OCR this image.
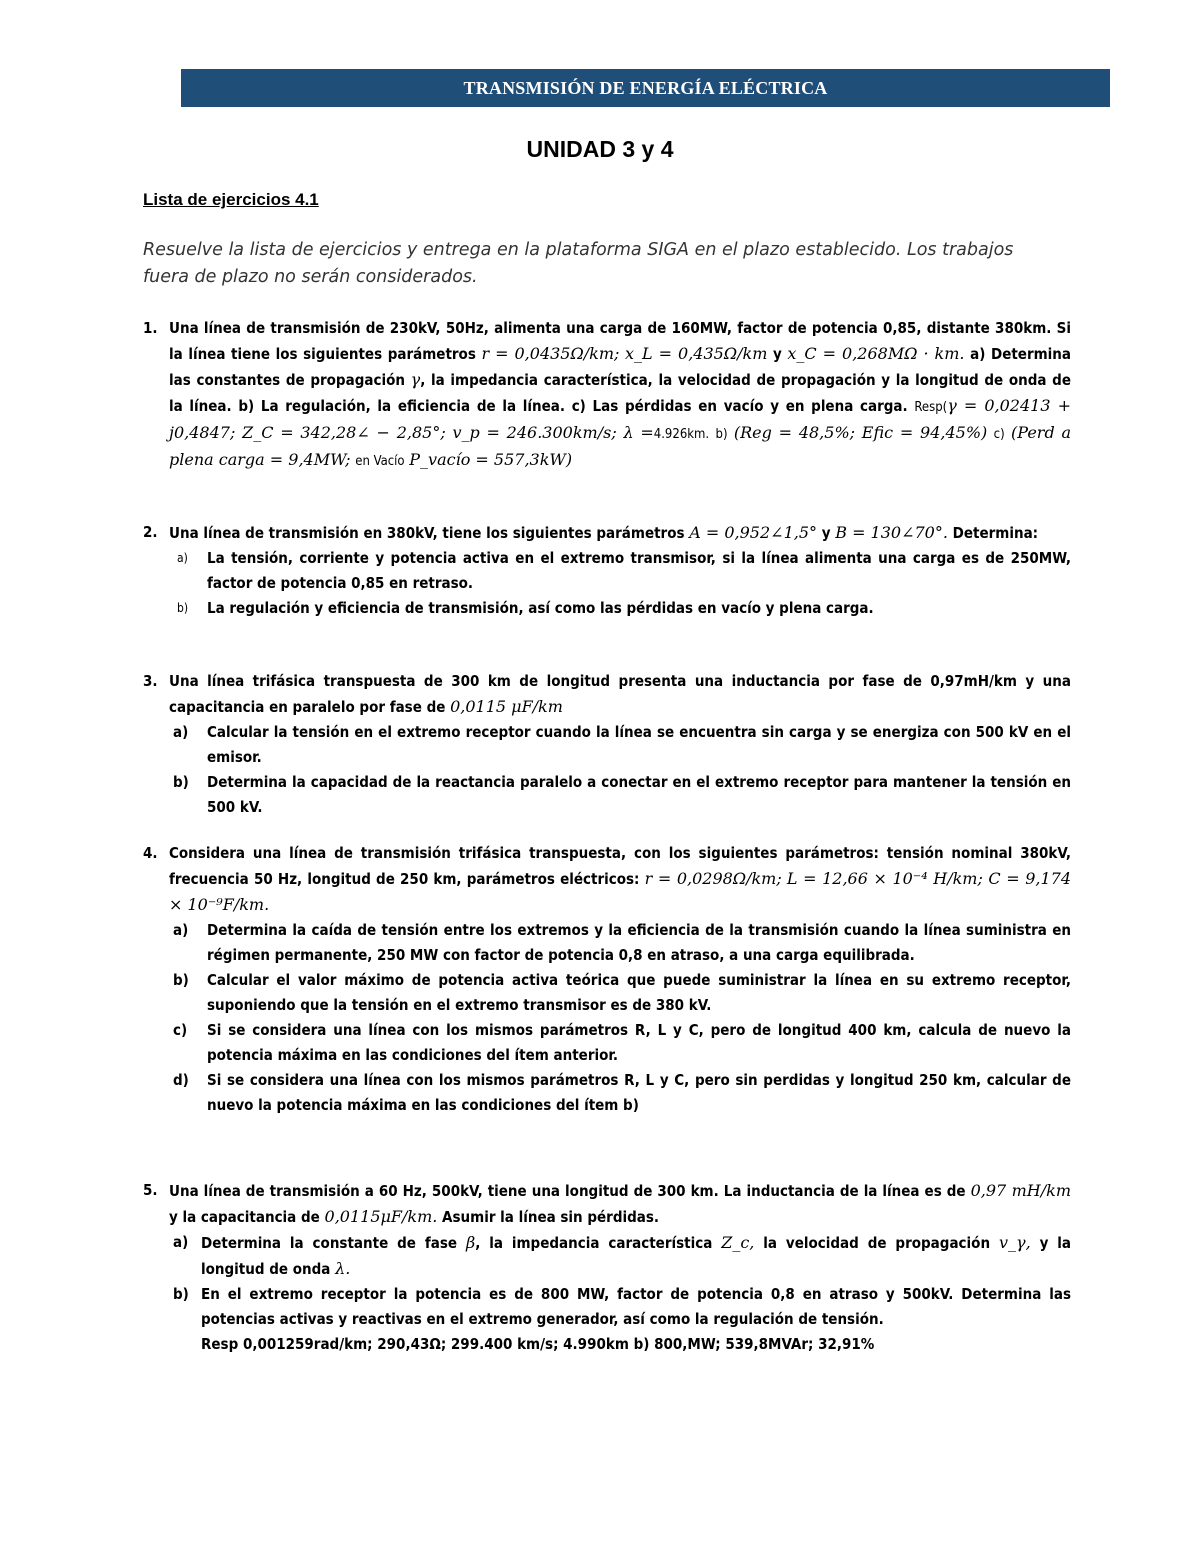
TRANSMISIÓN DE ENERGÍA ELÉCTRICA
UNIDAD 3 y 4
Lista de ejercicios 4.1
Resuelve la lista de ejercicios y entrega en la plataforma SIGA en el plazo establecido. Los trabajos fuera de plazo no serán considerados.
1. Una línea de transmisión de 230kV, 50Hz, alimenta una carga de 160MW, factor de potencia 0,85, distante 380km. Si la línea tiene los siguientes parámetros r = 0,0435Ω/km; x_L = 0,435Ω/km y x_C = 0,268MΩ · km. a) Determina las constantes de propagación γ, la impedancia característica, la velocidad de propagación y la longitud de onda de la línea. b) La regulación, la eficiencia de la línea. c) Las pérdidas en vacío y en plena carga. Resp(γ = 0,02413 + j0,4847; Z_C = 342,28∠ − 2,85°; v_p = 246.300km/s; λ =4.926km. b) (Reg = 48,5%; Efic = 94,45%) c) (Perd a plena carga = 9,4MW; en Vacío P_vacío = 557,3kW)
2. Una línea de transmisión en 380kV, tiene los siguientes parámetros A = 0,952∠1,5° y B = 130∠70°. Determina:
a) La tensión, corriente y potencia activa en el extremo transmisor, si la línea alimenta una carga es de 250MW, factor de potencia 0,85 en retraso.
b) La regulación y eficiencia de transmisión, así como las pérdidas en vacío y plena carga.
3. Una línea trifásica transpuesta de 300 km de longitud presenta una inductancia por fase de 0,97mH/km y una capacitancia en paralelo por fase de 0,0115 μF/km
a) Calcular la tensión en el extremo receptor cuando la línea se encuentra sin carga y se energiza con 500 kV en el emisor.
b) Determina la capacidad de la reactancia paralelo a conectar en el extremo receptor para mantener la tensión en 500 kV.
4. Considera una línea de transmisión trifásica transpuesta, con los siguientes parámetros: tensión nominal 380kV, frecuencia 50 Hz, longitud de 250 km, parámetros eléctricos: r = 0,0298Ω/km; L = 12,66 × 10⁻⁴ H/km; C = 9,174 × 10⁻⁹F/km.
a) Determina la caída de tensión entre los extremos y la eficiencia de la transmisión cuando la línea suministra en régimen permanente, 250 MW con factor de potencia 0,8 en atraso, a una carga equilibrada.
b) Calcular el valor máximo de potencia activa teórica que puede suministrar la línea en su extremo receptor, suponiendo que la tensión en el extremo transmisor es de 380 kV.
c) Si se considera una línea con los mismos parámetros R, L y C, pero de longitud 400 km, calcula de nuevo la potencia máxima en las condiciones del ítem anterior.
d) Si se considera una línea con los mismos parámetros R, L y C, pero sin perdidas y longitud 250 km, calcular de nuevo la potencia máxima en las condiciones del ítem b)
5. Una línea de transmisión a 60 Hz, 500kV, tiene una longitud de 300 km. La inductancia de la línea es de 0,97 mH/km y la capacitancia de 0,0115μF/km. Asumir la línea sin pérdidas.
a) Determina la constante de fase β, la impedancia característica Z_c, la velocidad de propagación v_γ, y la longitud de onda λ.
b) En el extremo receptor la potencia es de 800 MW, factor de potencia 0,8 en atraso y 500kV. Determina las potencias activas y reactivas en el extremo generador, así como la regulación de tensión.
Resp 0,001259rad/km; 290,43Ω; 299.400 km/s; 4.990km b) 800,MW; 539,8MVAr; 32,91%
